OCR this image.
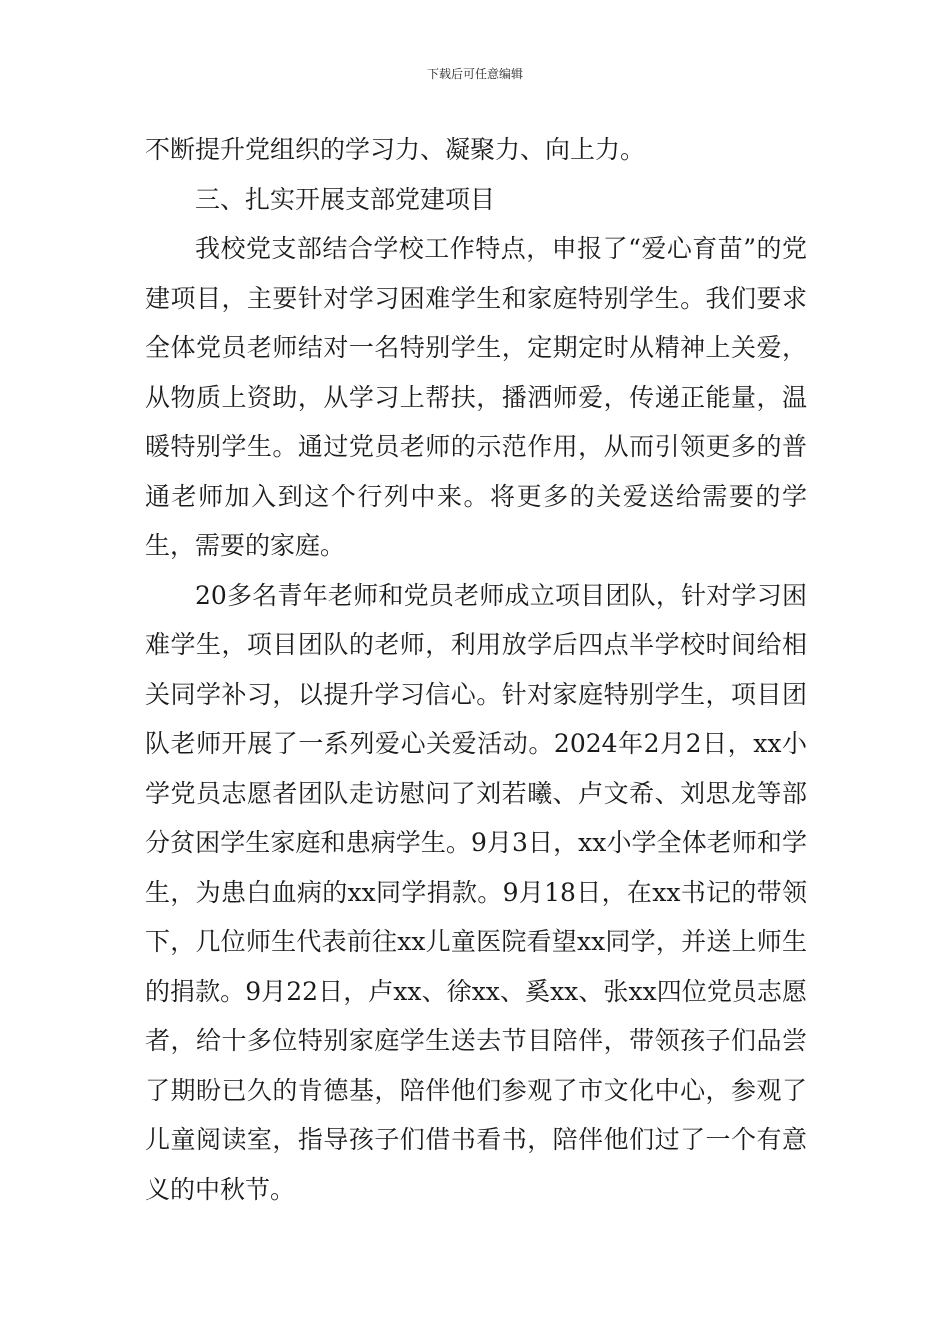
下载后可任意编辑

不断提升党组织的学习力、凝聚力、向上力。

三、扎实开展支部党建项目

我校党支部结合学校工作特点，申报了“爱心育苗”的党建项目，主要针对学习困难学生和家庭特别学生。我们要求全体党员老师结对一名特别学生，定期定时从精神上关爱，从物质上资助，从学习上帮扶，播洒师爱，传递正能量，温暖特别学生。通过党员老师的示范作用，从而引领更多的普通老师加入到这个行列中来。将更多的关爱送给需要的学生，需要的家庭。

20多名青年老师和党员老师成立项目团队，针对学习困难学生，项目团队的老师，利用放学后四点半学校时间给相关同学补习，以提升学习信心。针对家庭特别学生，项目团队老师开展了一系列爱心关爱活动。2024年2月2日，xx小学党员志愿者团队走访慰问了刘若曦、卢文希、刘思龙等部分贫困学生家庭和患病学生。9月3日，xx小学全体老师和学生，为患白血病的xx同学捐款。9月18日，在xx书记的带领下，几位师生代表前往xx儿童医院看望xx同学，并送上师生的捐款。9月22日，卢xx、徐xx、奚xx、张xx四位党员志愿者，给十多位特别家庭学生送去节目陪伴，带领孩子们品尝了期盼已久的肯德基，陪伴他们参观了市文化中心，参观了儿童阅读室，指导孩子们借书看书，陪伴他们过了一个有意义的中秋节。
